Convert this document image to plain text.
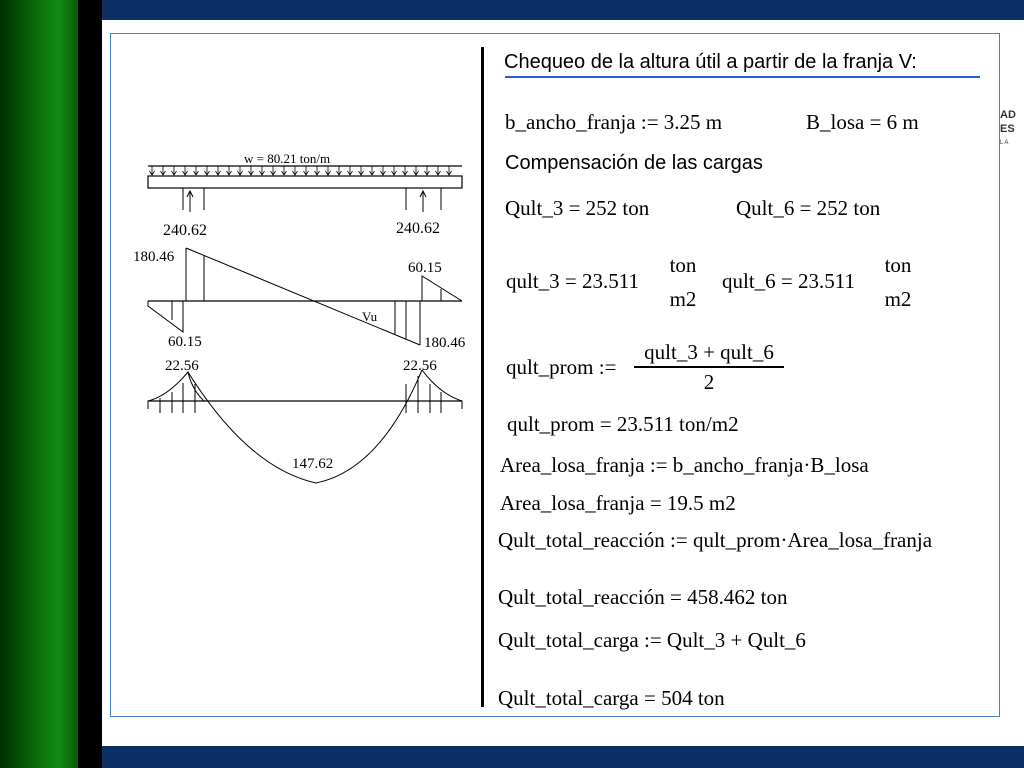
AD
ES
LA
w = 80.21 ton/m
240.62	240.62
180.46
60.15
60.15
180.46
Vu
22.56	22.56
147.62
Chequeo de la altura útil a partir de la franja V:
b_ancho_franja := 3.25 m	B_losa = 6 m
Compensación de las cargas
Qult_3 = 252 ton	Qult_6 = 252 ton
qult_3 = 23.511
ton
m2
qult_6 = 23.511
ton
m2
qult_prom :=
qult_3 + qult_6
2
qult_prom = 23.511 ton/m2
Area_losa_franja := b_ancho_franja·B_losa
Area_losa_franja = 19.5 m2
Qult_total_reacción := qult_prom·Area_losa_franja
Qult_total_reacción = 458.462 ton
Qult_total_carga := Qult_3 + Qult_6
Qult_total_carga = 504 ton
